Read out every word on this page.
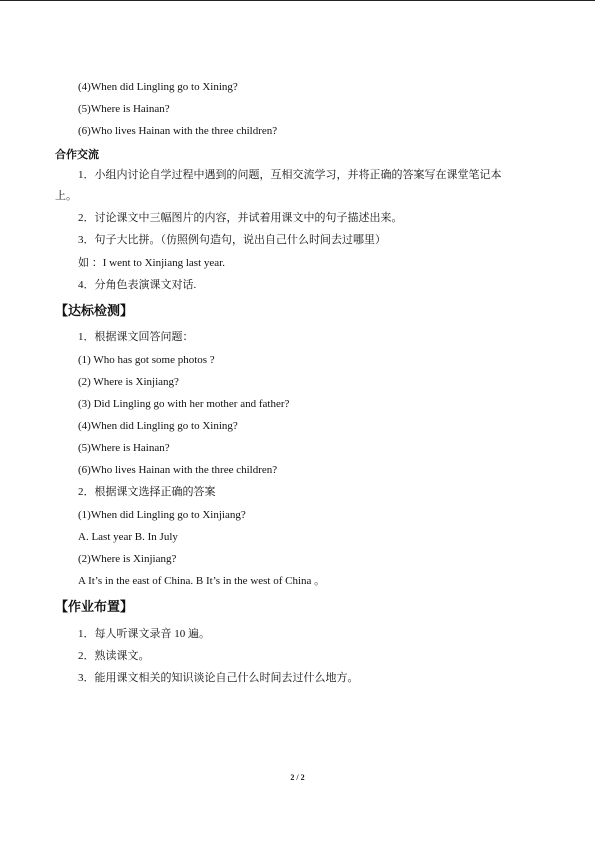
(4)When did Lingling go to Xining?
(5)Where is Hainan?
(6)Who lives Hainan with the three children?
合作交流
1．小组内讨论自学过程中遇到的问题，互相交流学习，并将正确的答案写在课堂笔记本
上。
2．讨论课文中三幅图片的内容，并试着用课文中的句子描述出来。
3．句子大比拼。（仿照例句造句，说出自己什么时间去过哪里）
如 ：I went to Xinjiang last year.
4．分角色表演课文对话.
【达标检测】
1．根据课文回答问题：
(1) Who has got some photos ?
(2) Where is Xinjiang?
(3) Did Lingling go with her mother and father?
(4)When did Lingling go to Xining?
(5)Where is Hainan?
(6)Who lives Hainan with the three children?
2．根据课文选择正确的答案
(1)When did Lingling go to Xinjiang?
A. Last year B. In July
(2)Where is Xinjiang?
A It’s in the east of China. B It’s in the west of China 。
【作业布置】
1．每人听课文录音 10 遍。
2．熟读课文。
3．能用课文相关的知识谈论自己什么时间去过什么地方。
2 / 2
